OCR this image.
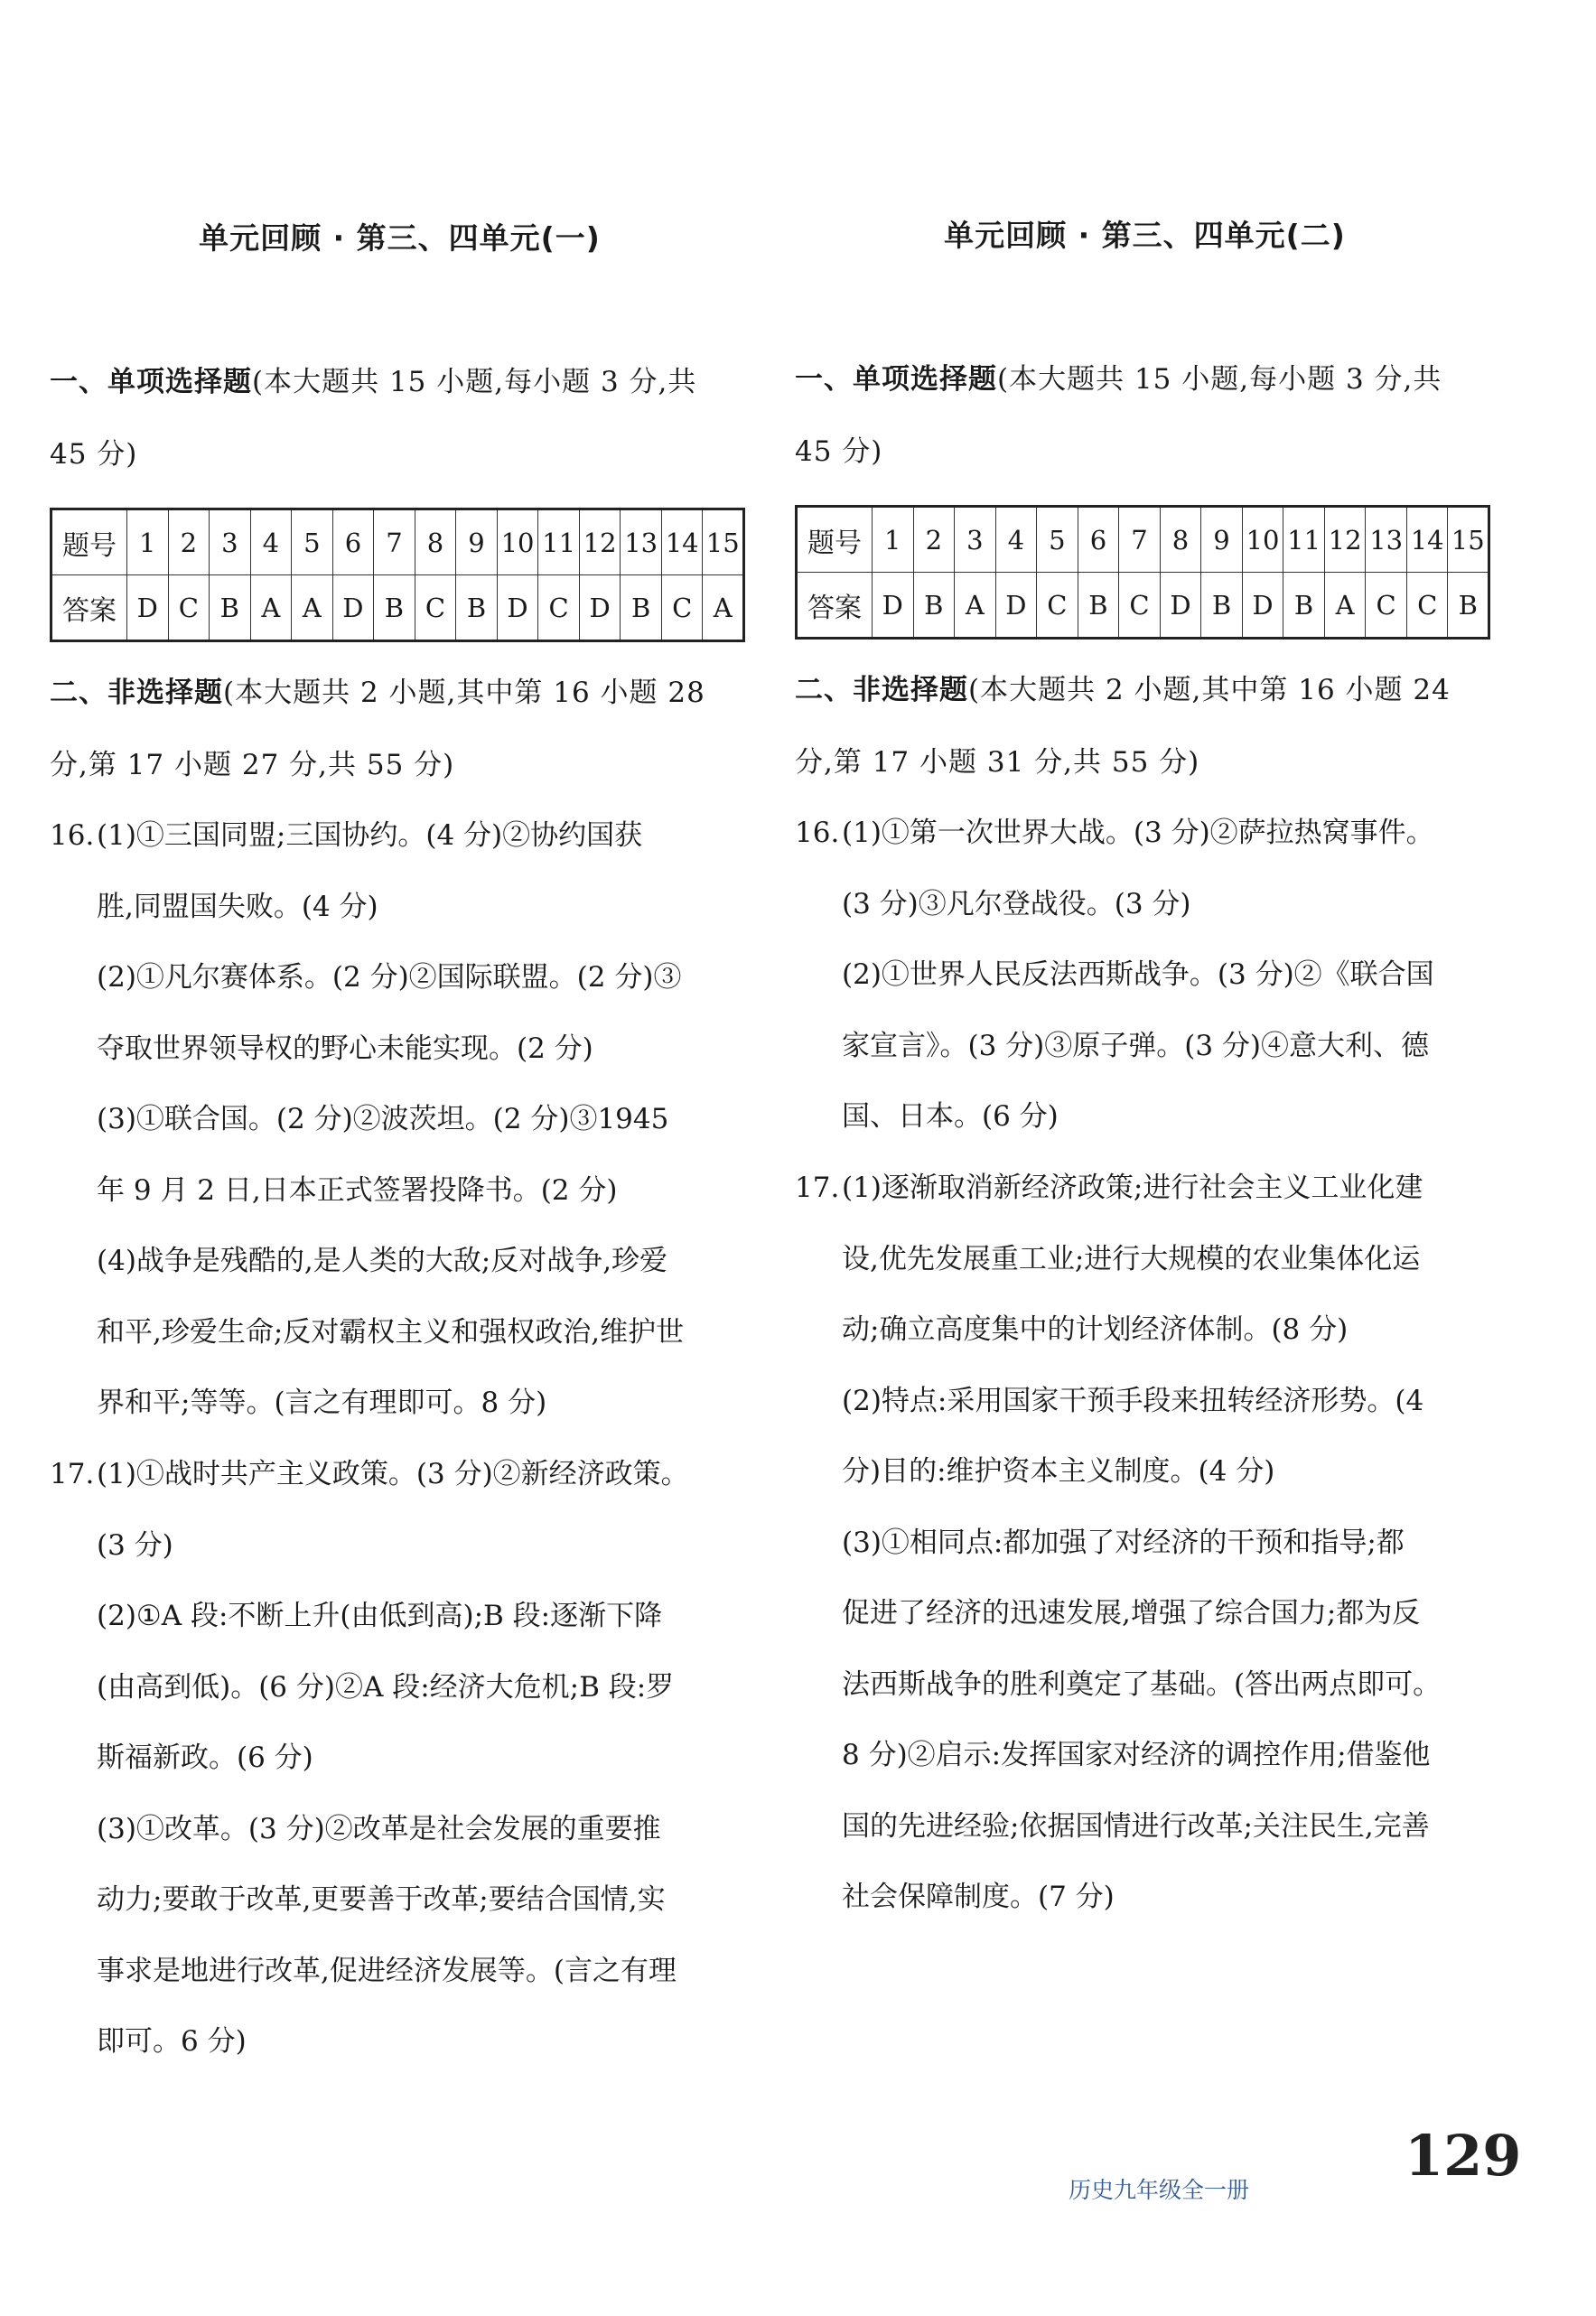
单元回顾 · 第三、四单元(一)
一、单项选择题(本大题共 15 小题,每小题 3 分,共
45 分)
题号	1	2	3	4	5	6	7	8	9	10	11	12	13	14	15
答案	D	C	B	A	A	D	B	C	B	D	C	D	B	C	A
二、非选择题(本大题共 2 小题,其中第 16 小题 28
分,第 17 小题 27 分,共 55 分)
16. (1)①三国同盟;三国协约。(4 分)②协约国获

胜,同盟国失败。(4 分)

(2)①凡尔赛体系。(2 分)②国际联盟。(2 分)③

夺取世界领导权的野心未能实现。(2 分)

(3)①联合国。(2 分)②波茨坦。(2 分)③1945

年 9 月 2 日,日本正式签署投降书。(2 分)

(4)战争是残酷的,是人类的大敌;反对战争,珍爱

和平,珍爱生命;反对霸权主义和强权政治,维护世

界和平;等等。(言之有理即可。8 分)

17. (1)①战时共产主义政策。(3 分)②新经济政策。

(3 分)

(2)①A 段:不断上升(由低到高);B 段:逐渐下降

(由高到低)。(6 分)②A 段:经济大危机;B 段:罗

斯福新政。(6 分)

(3)①改革。(3 分)②改革是社会发展的重要推

动力;要敢于改革,更要善于改革;要结合国情,实

事求是地进行改革,促进经济发展等。(言之有理

即可。6 分)

单元回顾 · 第三、四单元(二)
一、单项选择题(本大题共 15 小题,每小题 3 分,共
45 分)
题号	1	2	3	4	5	6	7	8	9	10	11	12	13	14	15
答案	D	B	A	D	C	B	C	D	B	D	B	A	C	C	B
二、非选择题(本大题共 2 小题,其中第 16 小题 24
分,第 17 小题 31 分,共 55 分)
16. (1)①第一次世界大战。(3 分)②萨拉热窝事件。

(3 分)③凡尔登战役。(3 分)

(2)①世界人民反法西斯战争。(3 分)②《联合国

家宣言》。(3 分)③原子弹。(3 分)④意大利、德

国、日本。(6 分)

17. (1)逐渐取消新经济政策;进行社会主义工业化建

设,优先发展重工业;进行大规模的农业集体化运

动;确立高度集中的计划经济体制。(8 分)

(2)特点:采用国家干预手段来扭转经济形势。(4

分)目的:维护资本主义制度。(4 分)

(3)①相同点:都加强了对经济的干预和指导;都

促进了经济的迅速发展,增强了综合国力;都为反

法西斯战争的胜利奠定了基础。(答出两点即可。

8 分)②启示:发挥国家对经济的调控作用;借鉴他

国的先进经验;依据国情进行改革;关注民生,完善

社会保障制度。(7 分)

历史九年级全一册
129
